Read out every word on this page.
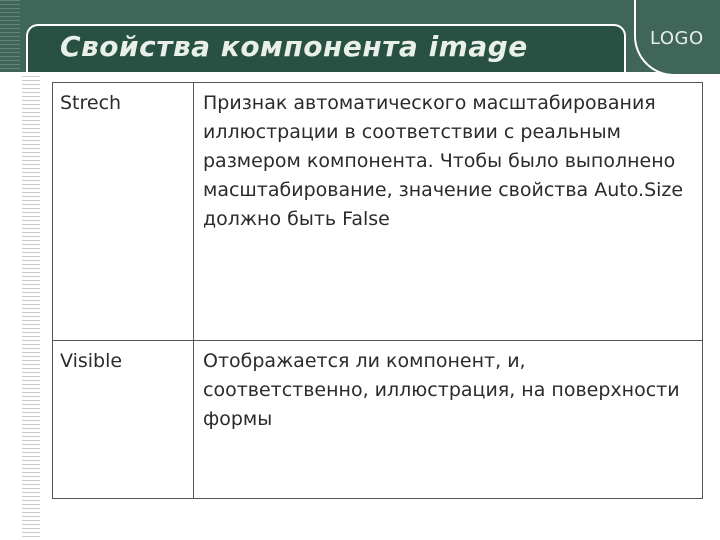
Свойства компонента image	LOGO
Strech	Признак автоматического масштабирования иллюстрации в соответствии с реальным размером компонента. Чтобы было выполнено масштабирование, значение свойства Auto.Size должно быть False
Visible	Отображается ли компонент, и, соответственно, иллюстрация, на поверхности формы
